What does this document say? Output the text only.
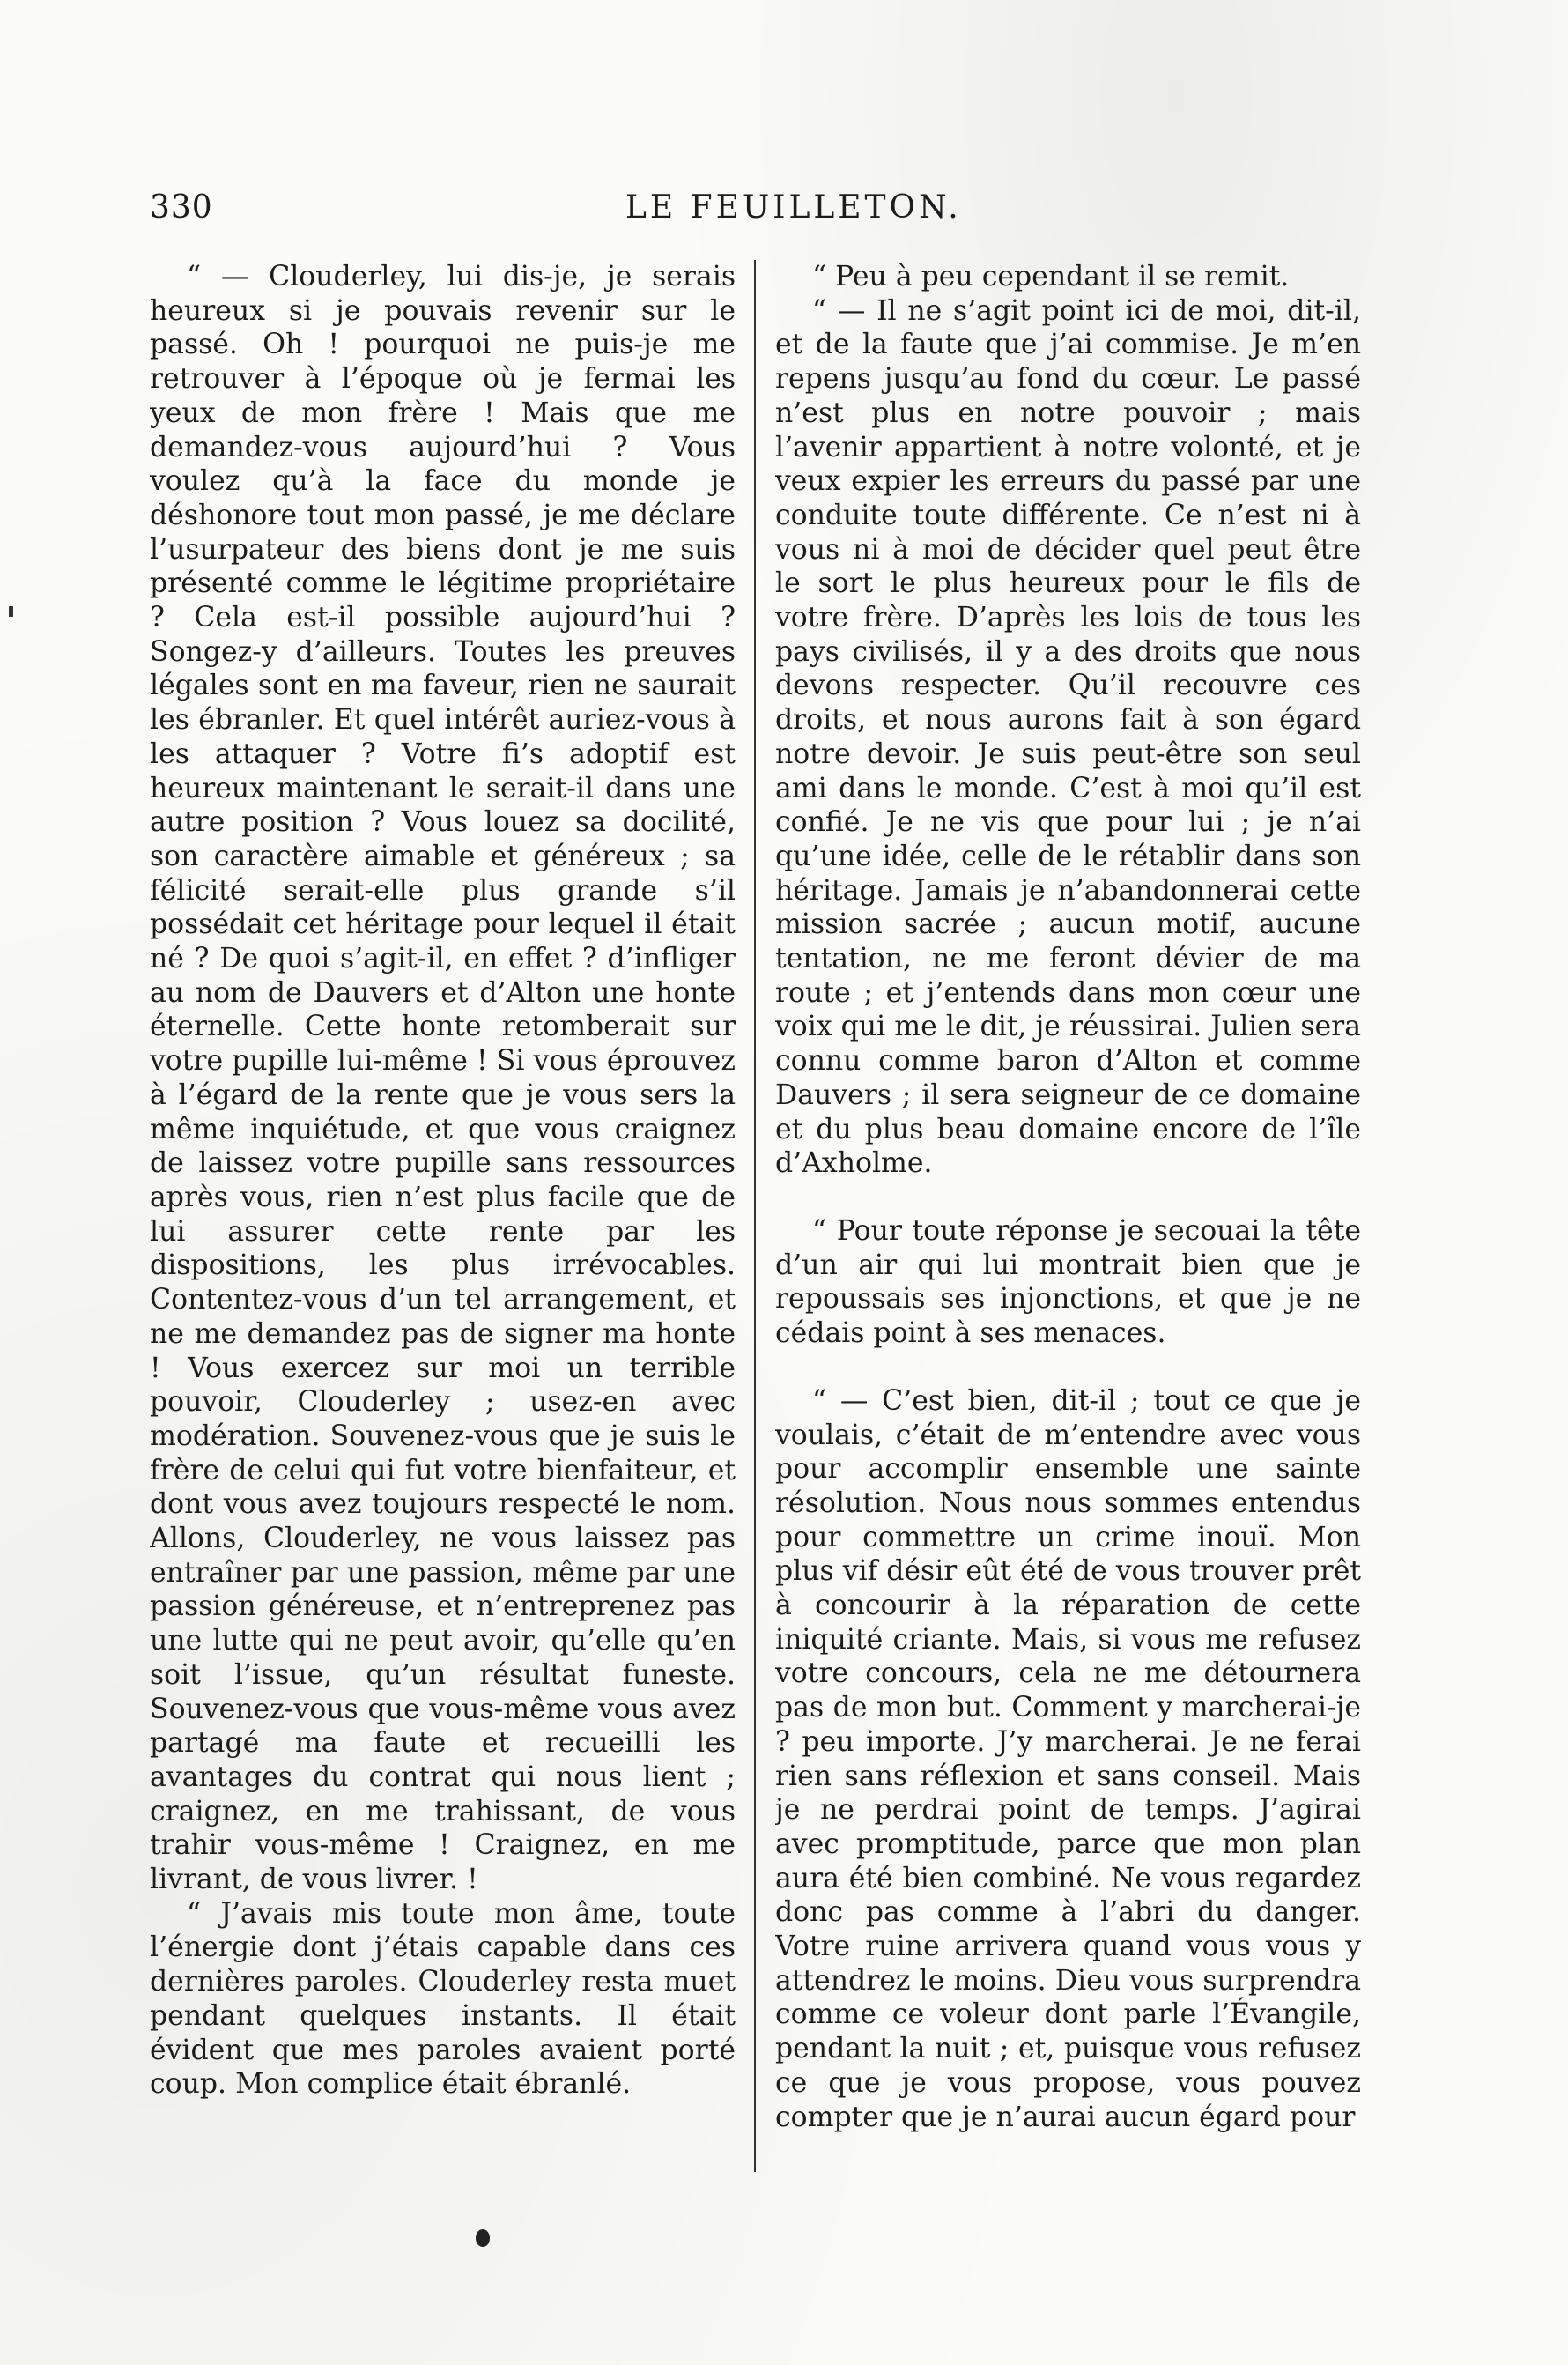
330	LE FEUILLETON.

“ — Clouderley, lui dis-je, je serais heureux si je pouvais revenir sur le passé. Oh ! pourquoi ne puis-je me retrouver à l’époque où je fermai les yeux de mon frère ! Mais que me demandez-vous aujourd’hui ? Vous voulez qu’à la face du monde je déshonore tout mon passé, je me déclare l’usurpateur des biens dont je me suis présenté comme le légitime propriétaire ? Cela est-il possible aujourd’hui ? Songez-y d’ailleurs. Toutes les preuves légales sont en ma faveur, rien ne saurait les ébranler. Et quel intérêt auriez-vous à les attaquer ? Votre fi’s adoptif est heureux maintenant le serait-il dans une autre position ? Vous louez sa docilité, son caractère aimable et généreux ; sa félicité serait-elle plus grande s’il possédait cet héritage pour lequel il était né ? De quoi s’agit-il, en effet ? d’infliger au nom de Dauvers et d’Alton une honte éternelle. Cette honte retomberait sur votre pupille lui-même ! Si vous éprouvez à l’égard de la rente que je vous sers la même inquiétude, et que vous craignez de laissez votre pupille sans ressources après vous, rien n’est plus facile que de lui assurer cette rente par les dispositions, les plus irrévocables. Contentez-vous d’un tel arrangement, et ne me demandez pas de signer ma honte ! Vous exercez sur moi un terrible pouvoir, Clouderley ; usez-en avec modération. Souvenez-vous que je suis le frère de celui qui fut votre bienfaiteur, et dont vous avez toujours respecté le nom. Allons, Clouderley, ne vous laissez pas entraîner par une passion, même par une passion généreuse, et n’entreprenez pas une lutte qui ne peut avoir, qu’elle qu’en soit l’issue, qu’un résultat funeste. Souvenez-vous que vous-même vous avez partagé ma faute et recueilli les avantages du contrat qui nous lient ; craignez, en me trahissant, de vous trahir vous-même ! Craignez, en me livrant, de vous livrer. !

“ J’avais mis toute mon âme, toute l’énergie dont j’étais capable dans ces dernières paroles. Clouderley resta muet pendant quelques instants. Il était évident que mes paroles avaient porté coup. Mon complice était ébranlé.

“ Peu à peu cependant il se remit.

“ — Il ne s’agit point ici de moi, dit-il, et de la faute que j’ai commise. Je m’en repens jusqu’au fond du cœur. Le passé n’est plus en notre pouvoir ; mais l’avenir appartient à notre volonté, et je veux expier les erreurs du passé par une conduite toute différente. Ce n’est ni à vous ni à moi de décider quel peut être le sort le plus heureux pour le fils de votre frère. D’après les lois de tous les pays civilisés, il y a des droits que nous devons respecter. Qu’il recouvre ces droits, et nous aurons fait à son égard notre devoir. Je suis peut-être son seul ami dans le monde. C’est à moi qu’il est confié. Je ne vis que pour lui ; je n’ai qu’une idée, celle de le rétablir dans son héritage. Jamais je n’abandonnerai cette mission sacrée ; aucun motif, aucune tentation, ne me feront dévier de ma route ; et j’entends dans mon cœur une voix qui me le dit, je réussirai. Julien sera connu comme baron d’Alton et comme Dauvers ; il sera seigneur de ce domaine et du plus beau domaine encore de l’île d’Axholme.

“ Pour toute réponse je secouai la tête d’un air qui lui montrait bien que je repoussais ses injonctions, et que je ne cédais point à ses menaces.

“ — C’est bien, dit-il ; tout ce que je voulais, c’était de m’entendre avec vous pour accomplir ensemble une sainte résolution. Nous nous sommes entendus pour commettre un crime inouï. Mon plus vif désir eût été de vous trouver prêt à concourir à la réparation de cette iniquité criante. Mais, si vous me refusez votre concours, cela ne me détournera pas de mon but. Comment y marcherai-je ? peu importe. J’y marcherai. Je ne ferai rien sans réflexion et sans conseil. Mais je ne perdrai point de temps. J’agirai avec promptitude, parce que mon plan aura été bien combiné. Ne vous regardez donc pas comme à l’abri du danger. Votre ruine arrivera quand vous vous y attendrez le moins. Dieu vous surprendra comme ce voleur dont parle l’Évangile, pendant la nuit ; et, puisque vous refusez ce que je vous propose, vous pouvez compter que je n’aurai aucun égard pour
